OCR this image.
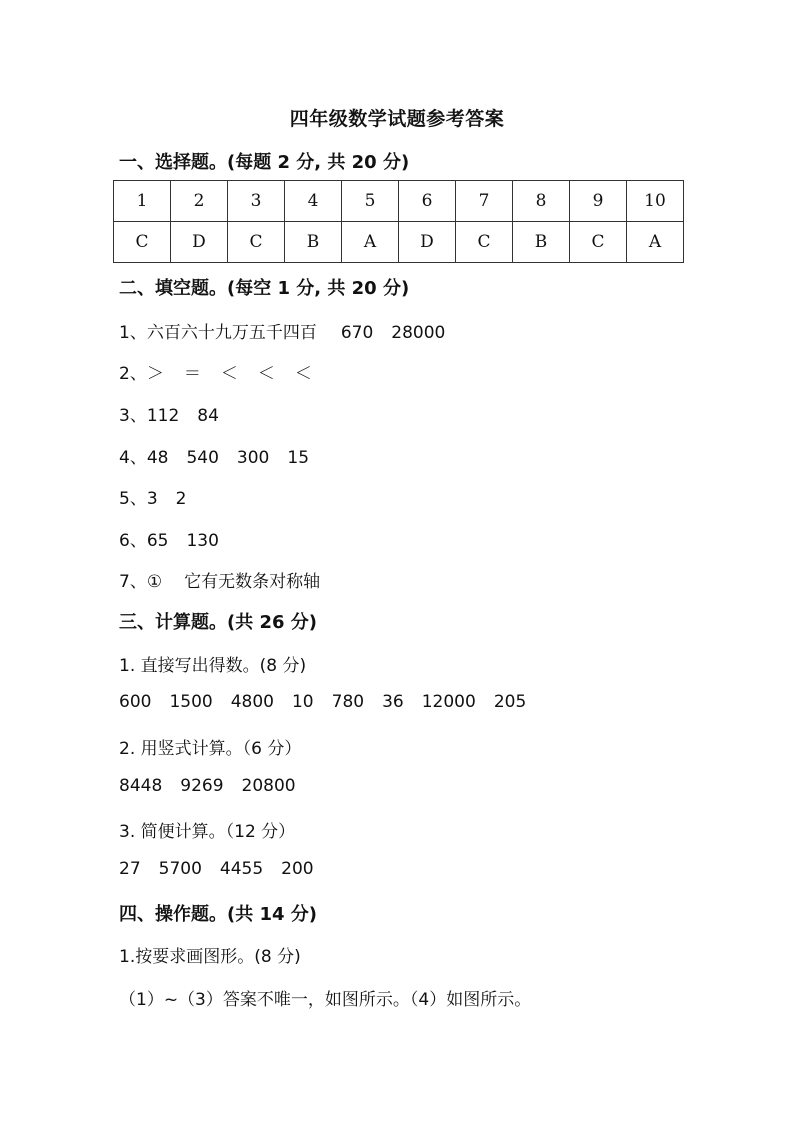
四年级数学试题参考答案
一、选择题。(每题 2 分, 共 20 分)
1	2	3	4	5	6	7	8	9	10
C	D	C	B	A	D	C	B	C	A
二、填空题。(每空 1 分, 共 20 分)
1、六百六十九万五千四百 670 28000
2、＞ ＝ ＜ ＜ ＜
3、112 84
4、48 540 300 15
5、3 2
6、65 130
7、① 它有无数条对称轴
三、计算题。(共 26 分)
1. 直接写出得数。(8 分)
600 1500 4800 10 780 36 12000 205
2. 用竖式计算。（6 分）
8448 9269 20800
3. 简便计算。（12 分）
27 5700 4455 200
四、操作题。(共 14 分)
1.按要求画图形。(8 分)
（1）~（3）答案不唯一，如图所示。（4）如图所示。
